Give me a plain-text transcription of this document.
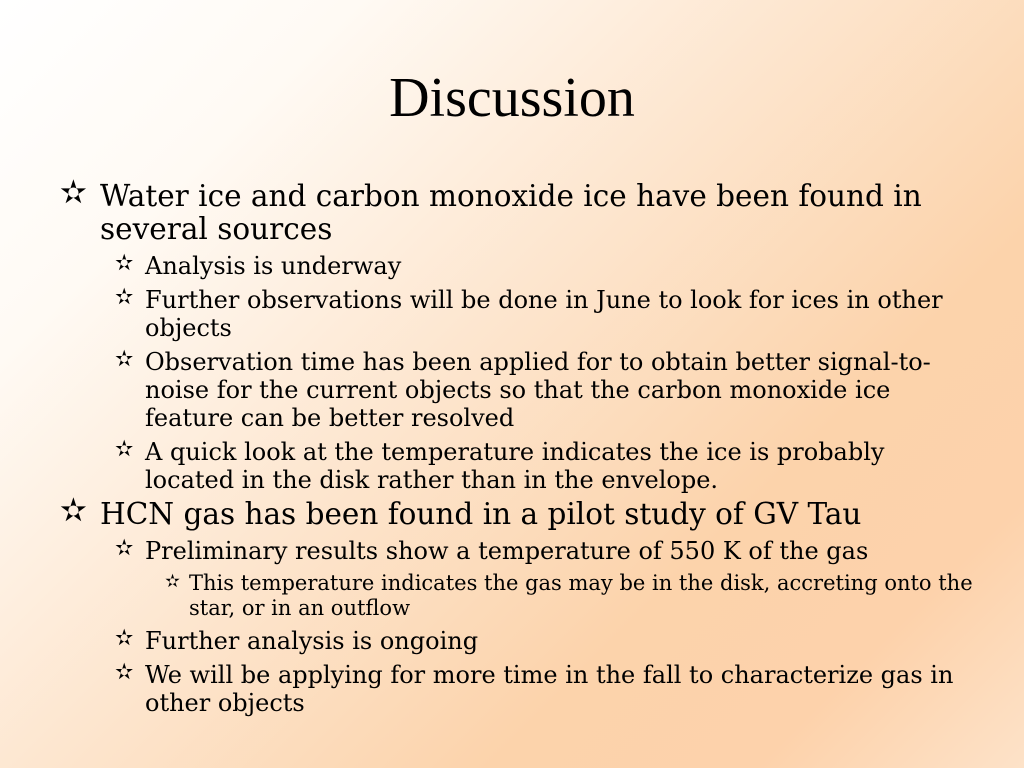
Discussion
✫ Water ice and carbon monoxide ice have been found in several sources
✫ Analysis is underway
✫ Further observations will be done in June to look for ices in other objects
✫ Observation time has been applied for to obtain better signal-to-noise for the current objects so that the carbon monoxide ice feature can be better resolved
✫ A quick look at the temperature indicates the ice is probably located in the disk rather than in the envelope.
✫ HCN gas has been found in a pilot study of GV Tau
✫ Preliminary results show a temperature of 550 K of the gas
✫ This temperature indicates the gas may be in the disk, accreting onto the star, or in an outflow
✫ Further analysis is ongoing
✫ We will be applying for more time in the fall to characterize gas in other objects
